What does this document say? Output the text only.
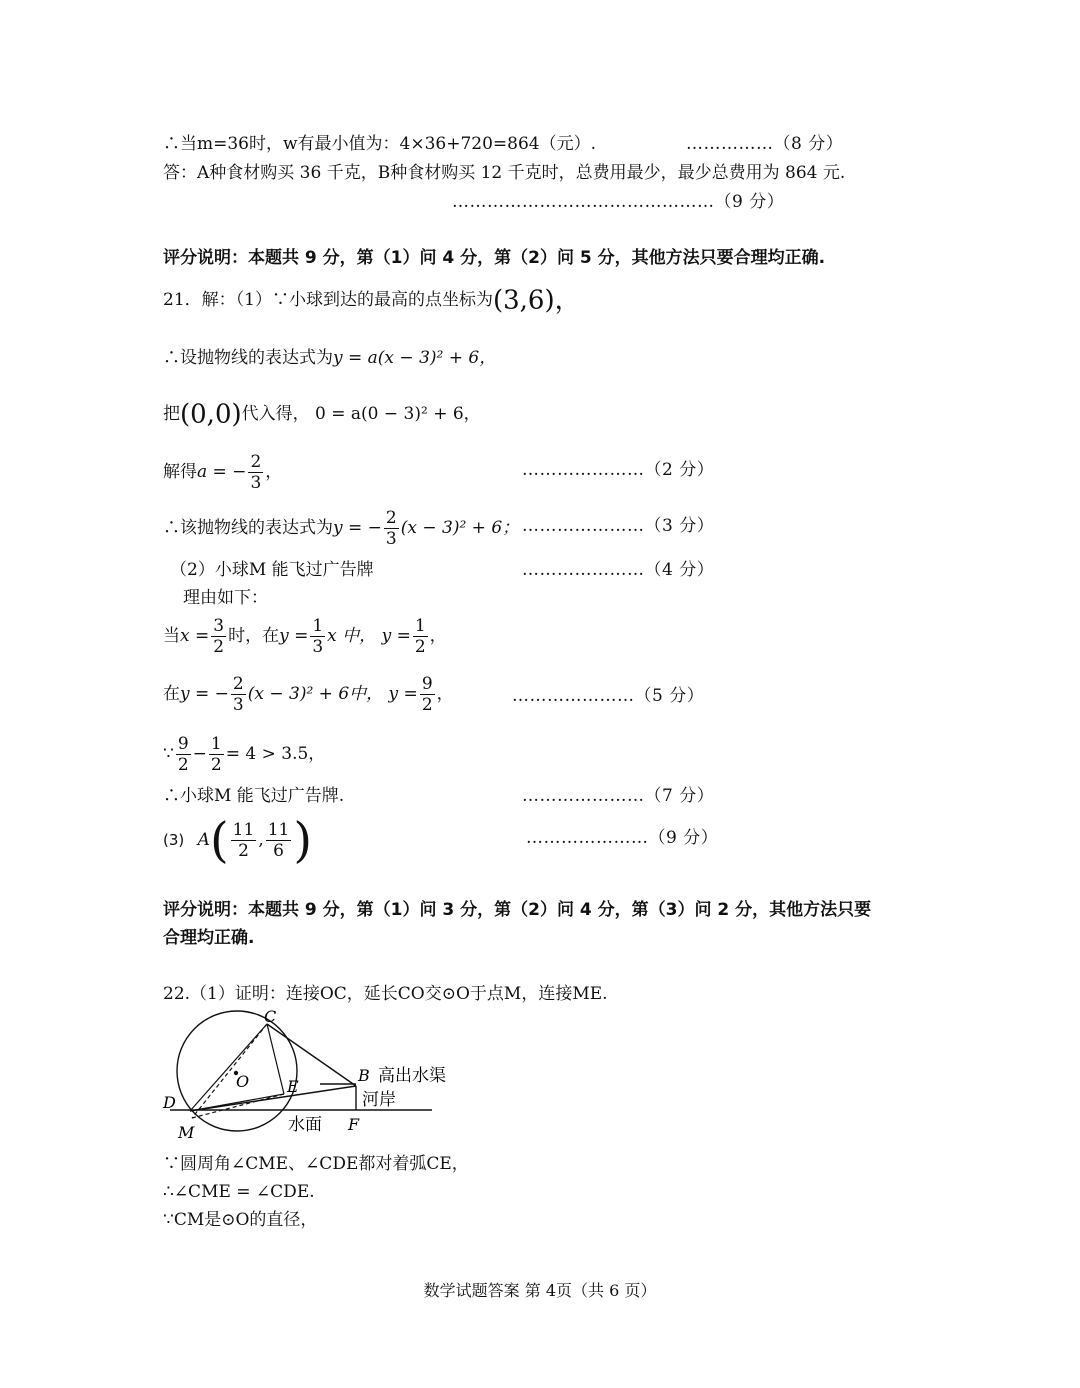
∴当m=36时，w有最小值为：4×36+720=864（元）.	……………（8 分）
答：A种食材购买 36 千克，B种食材购买 12 千克时，总费用最少，最少总费用为 864 元.
………………………………………（9 分）
评分说明：本题共 9 分，第（1）问 4 分，第（2）问 5 分，其他方法只要合理均正确.
21．解：（1）∵小球到达的最高的点坐标为(3,6)，
∴设抛物线的表达式为y = a(x − 3)² + 6，
把(0,0)代入得， 0 = a(0 − 3)² + 6，
解得a = − $\frac{2}{3}$ ，	…………………（2 分）
∴该抛物线的表达式为y = − $\frac{2}{3} (x - 3)^2 + 6$； …………………（3 分）
（2）小球M 能飞过广告牌	…………………（4 分）
理由如下：
当$x = \frac{3}{2}$ 时，在$y = \frac{1}{3}$ x 中， $y = \frac{1}{2}$ ，
在y = − $\frac{2}{3} (x - 3)^2 + 6$中， $y = \frac{9}{2}$ ，	…………………（5 分）
∵ $\frac{9}{2} - \frac{1}{2} = 4 > 3.5$，
∴小球M 能飞过广告牌.	…………………（7 分）
(3) $A( \frac{11}{2}$ , $\frac{11}{6}$ )	…………………（9 分）
评分说明：本题共 9 分，第（1）问 3 分，第（2）问 4 分，第（3）问 2 分，其他方法只要
合理均正确.
22.（1）证明：连接OC，延长CO交⊙O于点M，连接ME.
C
O E
B 高出水渠
D	河岸
M	水面 F
∵圆周角∠CME、∠CDE都对着弧CE，
∴∠CME = ∠CDE.
∵CM是⊙O的直径，
数学试题答案 第 4页（共 6 页）
